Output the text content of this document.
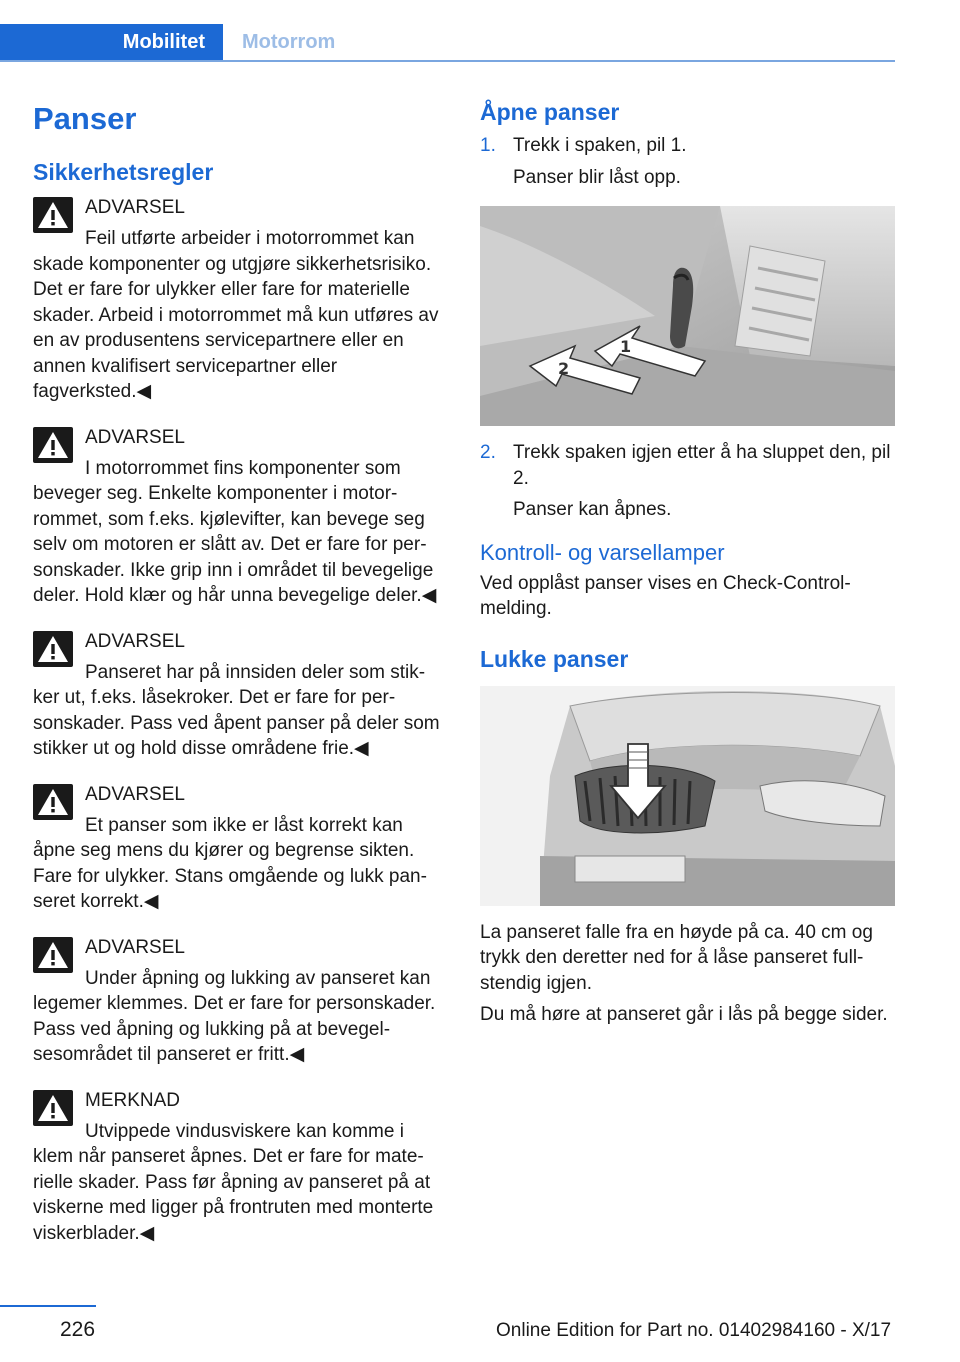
Mobilitet	Motorrom
Panser
Sikkerhetsregler
ADVARSEL
Feil utførte arbeider i motorrommet kan skade komponenter og utgjøre sikkerhetsrisiko. Det er fare for ulykker eller fare for materielle skader. Arbeid i motorrommet må kun utføres av en av produsentens servicepartnere eller en annen kvalifisert servicepartner eller fagverksted.◀
ADVARSEL
I motorrommet fins komponenter som beveger seg. Enkelte komponenter i motorrommet, som f.eks. kjølevifter, kan bevege seg selv om motoren er slått av. Det er fare for personskader. Ikke grip inn i området til bevegelige deler. Hold klær og hår unna bevegelige deler.◀
ADVARSEL
Panseret har på innsiden deler som stikker ut, f.eks. låsekroker. Det er fare for personskader. Pass ved åpent panser på deler som stikker ut og hold disse områdene frie.◀
ADVARSEL
Et panser som ikke er låst korrekt kan åpne seg mens du kjører og begrense sikten. Fare for ulykker. Stans omgående og lukk panseret korrekt.◀
ADVARSEL
Under åpning og lukking av panseret kan legemer klemmes. Det er fare for personskader. Pass ved åpning og lukking på at bevegelsesområdet til panseret er fritt.◀
MERKNAD
Utvippede vindusviskere kan komme i klem når panseret åpnes. Det er fare for materielle skader. Pass før åpning av panseret på at viskerne med ligger på frontruten med monterte viskerblader.◀
Åpne panser
1. Trekk i spaken, pil 1.
Panser blir låst opp.
1
2
2. Trekk spaken igjen etter å ha sluppet den, pil 2.
Panser kan åpnes.
Kontroll- og varsellamper

Ved opplåst panser vises en Check-Control-melding.

Lukke panser

La panseret falle fra en høyde på ca. 40 cm og trykk den deretter ned for å låse panseret fullstendig igjen.

Du må høre at panseret går i lås på begge sider.

226	Online Edition for Part no. 01402984160 - X/17
